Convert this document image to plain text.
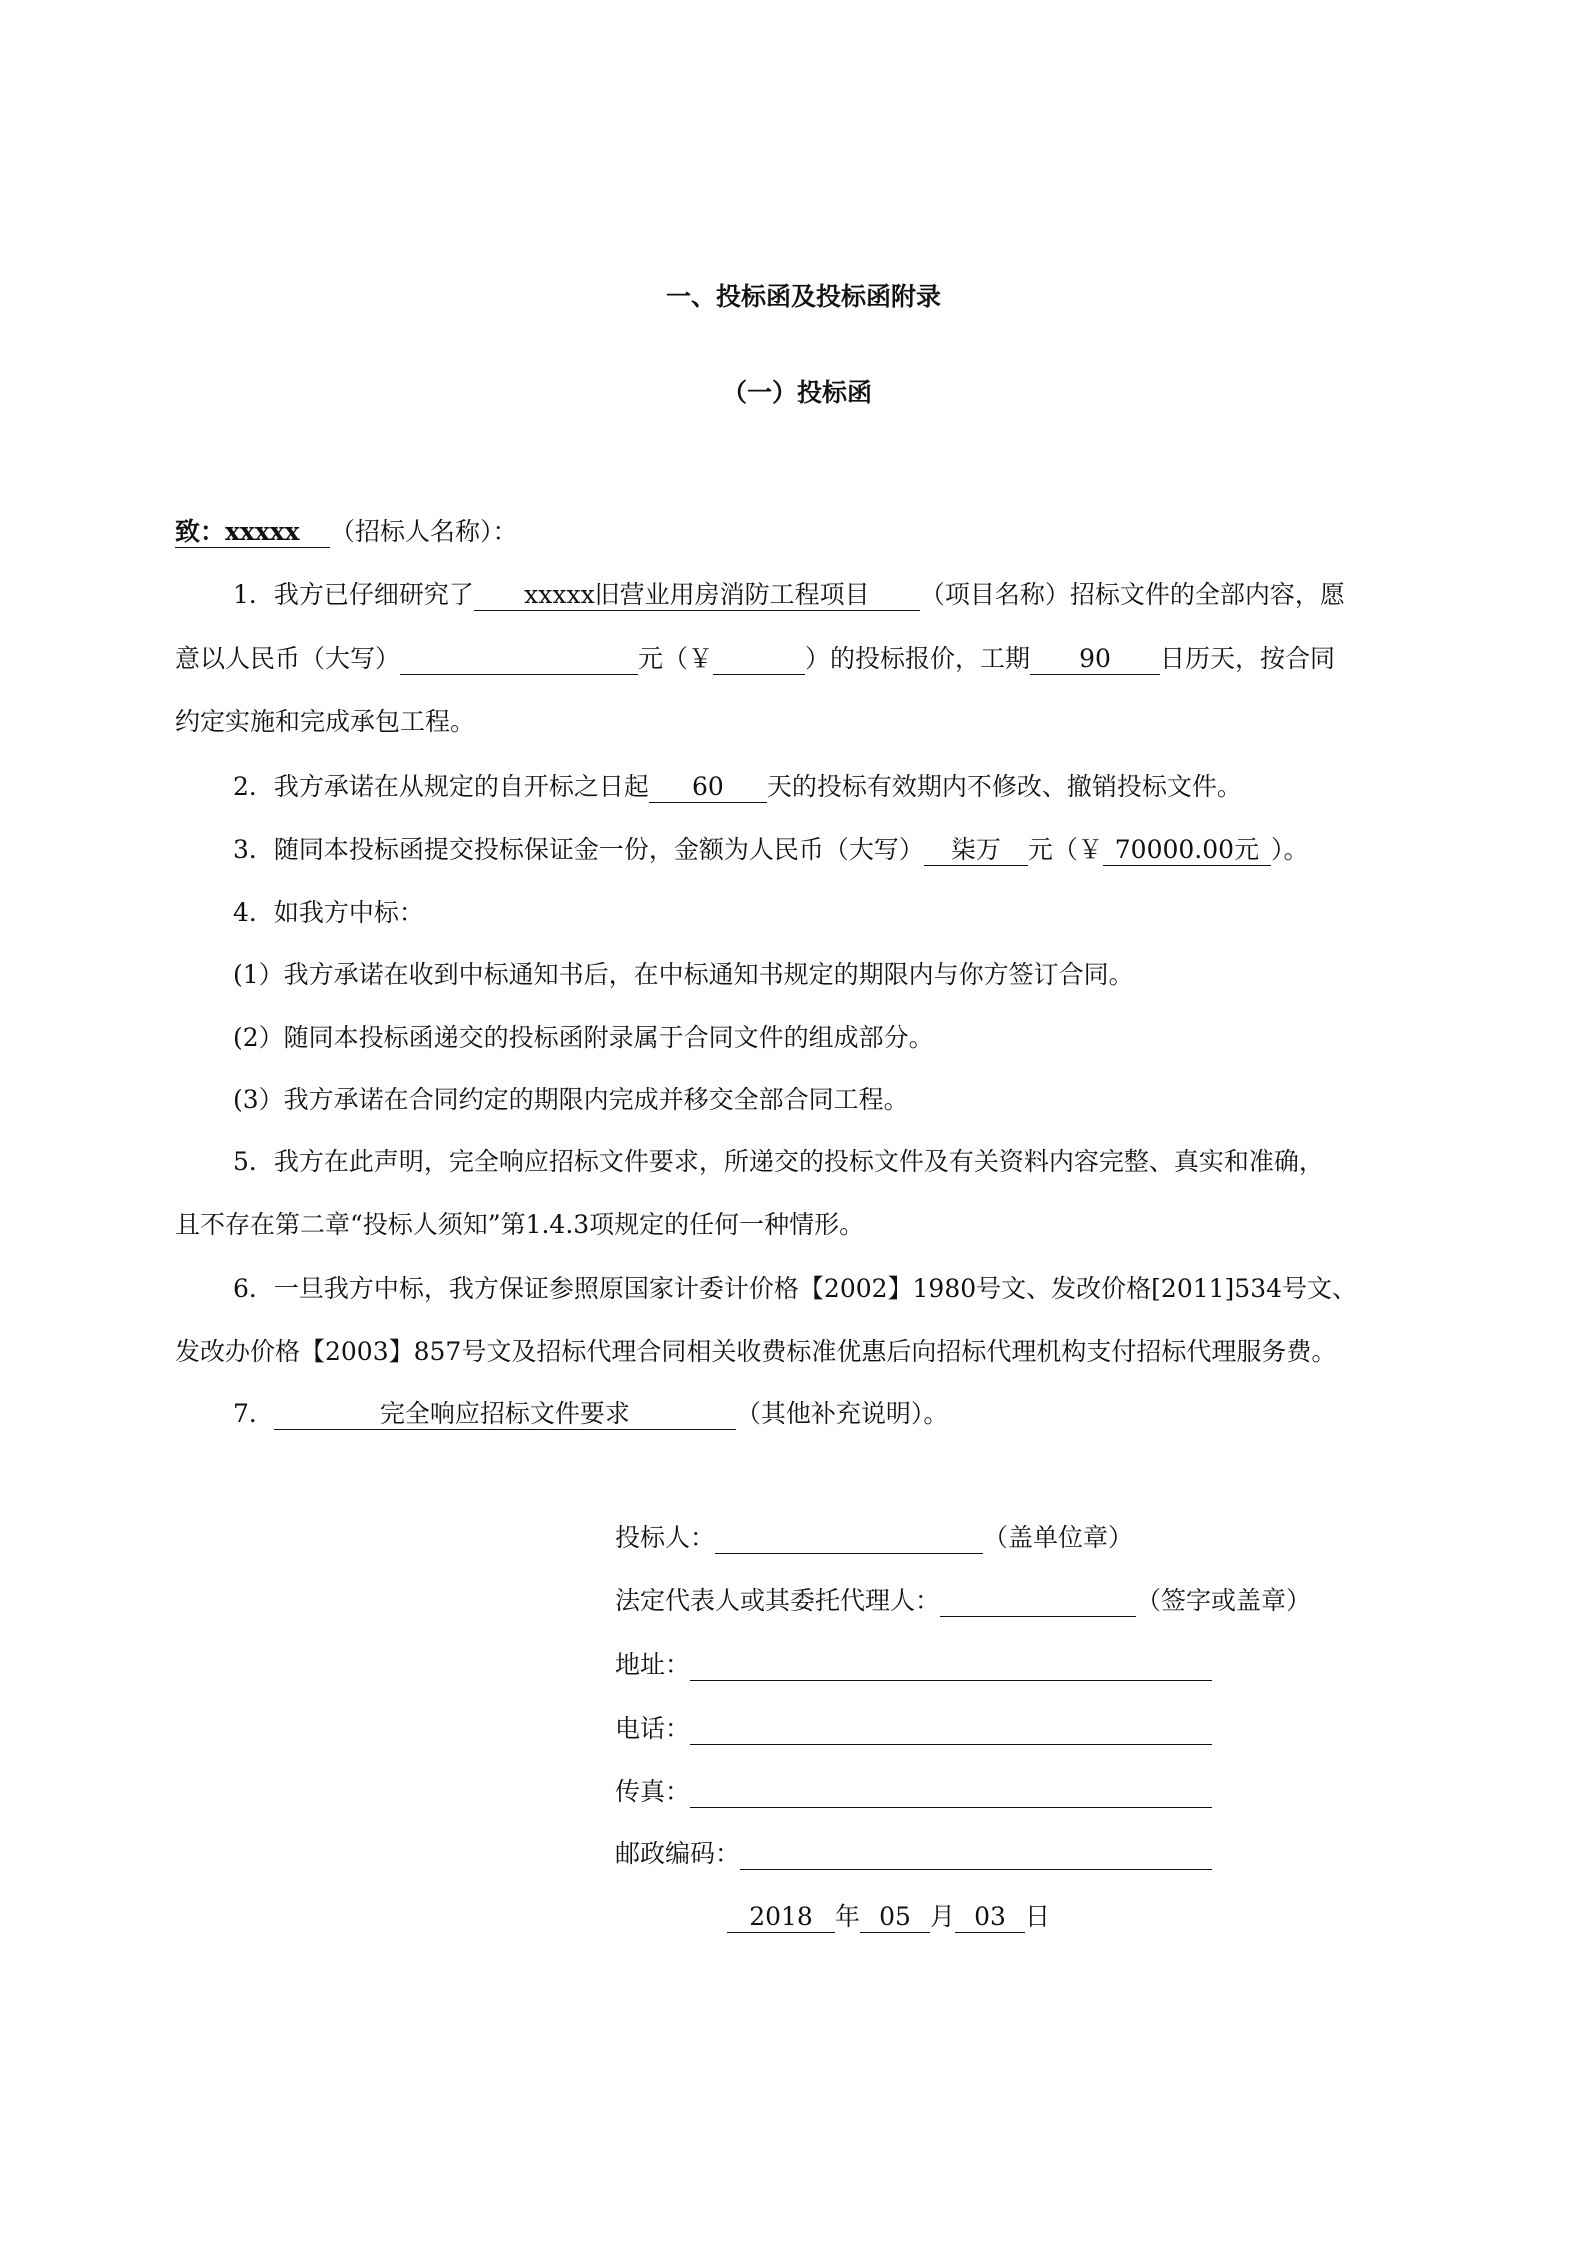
一、投标函及投标函附录
（一）投标函
致：xxxxx （招标人名称）：
1．我方已仔细研究了 xxxxx旧营业用房消防工程项目 （项目名称）招标文件的全部内容，愿
意以人民币（大写）	元（￥	）的投标报价，工期 90 日历天，按合同
约定实施和完成承包工程。
2．我方承诺在从规定的自开标之日起 60 天的投标有效期内不修改、撤销投标文件。
3．随同本投标函提交投标保证金一份，金额为人民币（大写） 柒万 元（￥ 70000.00元 ）。
4．如我方中标：
(1）我方承诺在收到中标通知书后，在中标通知书规定的期限内与你方签订合同。
(2）随同本投标函递交的投标函附录属于合同文件的组成部分。
(3）我方承诺在合同约定的期限内完成并移交全部合同工程。
5．我方在此声明，完全响应招标文件要求，所递交的投标文件及有关资料内容完整、真实和准确，
且不存在第二章“投标人须知”第1.4.3项规定的任何一种情形。
6．一旦我方中标，我方保证参照原国家计委计价格【2002】1980号文、发改价格[2011]534号文、
发改办价格【2003】857号文及招标代理合同相关收费标准优惠后向招标代理机构支付招标代理服务费。
7．	完全响应招标文件要求	（其他补充说明）。
投标人：	（盖单位章）
法定代表人或其委托代理人：	（签字或盖章）
地址：
电话：
传真：
邮政编码：
2018 年 05 月 03 日
